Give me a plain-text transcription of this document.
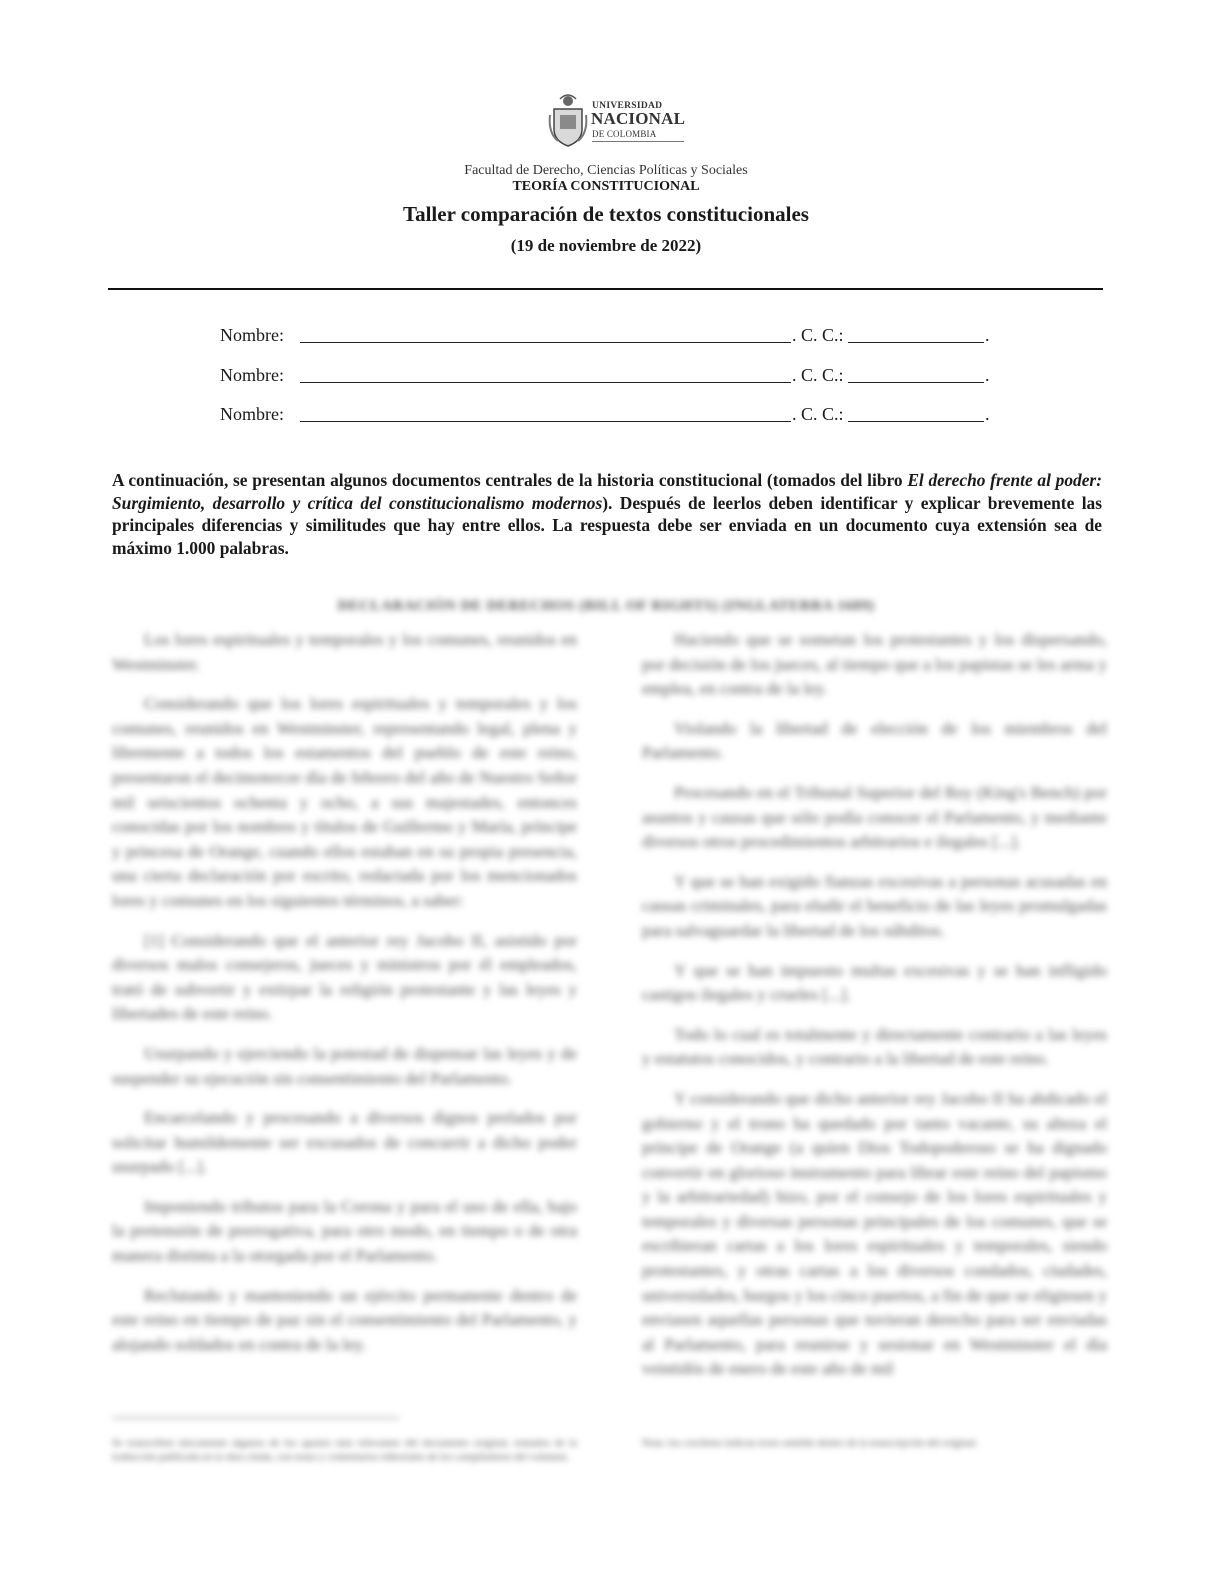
UNIVERSIDAD
NACIONAL
DE COLOMBIA
Facultad de Derecho, Ciencias Políticas y Sociales
TEORÍA CONSTITUCIONAL
Taller comparación de textos constitucionales
(19 de noviembre de 2022)
Nombre:	. C. C.:	.
Nombre:	. C. C.:	.
Nombre:	. C. C.:	.
A continuación, se presentan algunos documentos centrales de la historia constitucional (tomados del libro El derecho frente al poder: Surgimiento, desarrollo y crítica del constitucionalismo modernos). Después de leerlos deben identificar y explicar brevemente las principales diferencias y similitudes que hay entre ellos. La respuesta debe ser enviada en un documento cuya extensión sea de máximo 1.000 palabras.
DECLARACIÓN DE DERECHOS (BILL OF RIGHTS) (INGLATERRA 1689)

Los lores espirituales y temporales y los comunes, reunidos en Westminster.

Considerando que los lores espirituales y temporales y los comunes, reunidos en Westminster, representando legal, plena y libremente a todos los estamentos del pueblo de este reino, presentaron el decimotercer día de febrero del año de Nuestro Señor mil seiscientos ochenta y ocho, a sus majestades, entonces conocidas por los nombres y títulos de Guillermo y María, príncipe y princesa de Orange, cuando ellos estaban en su propia presencia, una cierta declaración por escrito, redactada por los mencionados lores y comunes en los siguientes términos, a saber:

[1] Considerando que el anterior rey Jacobo II, asistido por diversos malos consejeros, jueces y ministros por él empleados, trató de subvertir y extirpar la religión protestante y las leyes y libertades de este reino.

Usurpando y ejerciendo la potestad de dispensar las leyes y de suspender su ejecución sin consentimiento del Parlamento.

Encarcelando y procesando a diversos dignos prelados por solicitar humildemente ser excusados de concurrir a dicho poder usurpado [...].

Imponiendo tributos para la Corona y para el uso de ella, bajo la pretensión de prerrogativa, para otro modo, en tiempo o de otra manera distinta a la otorgada por el Parlamento.

Reclutando y manteniendo un ejército permanente dentro de este reino en tiempo de paz sin el consentimiento del Parlamento, y alojando soldados en contra de la ley.

Haciendo que se sometan los protestantes y los dispersando, por decisión de los jueces, al tiempo que a los papistas se les arma y emplea, en contra de la ley.

Violando la libertad de elección de los miembros del Parlamento.

Procesando en el Tribunal Superior del Rey (King's Bench) por asuntos y causas que sólo podía conocer el Parlamento, y mediante diversos otros procedimientos arbitrarios e ilegales [...].

Y que se han exigido fianzas excesivas a personas acusadas en causas criminales, para eludir el beneficio de las leyes promulgadas para salvaguardar la libertad de los súbditos.

Y que se han impuesto multas excesivas y se han infligido castigos ilegales y crueles [...].

Todo lo cual es totalmente y directamente contrario a las leyes y estatutos conocidos, y contrario a la libertad de este reino.

Y considerando que dicho anterior rey Jacobo II ha abdicado el gobierno y el trono ha quedado por tanto vacante, su alteza el príncipe de Orange (a quien Dios Todopoderoso se ha dignado convertir en glorioso instrumento para librar este reino del papismo y la arbitrariedad) hizo, por el consejo de los lores espirituales y temporales y diversas personas principales de los comunes, que se escribieran cartas a los lores espirituales y temporales, siendo protestantes, y otras cartas a los diversos condados, ciudades, universidades, burgos y los cinco puertos, a fin de que se eligiesen y enviasen aquellas personas que tuvieran derecho para ser enviadas al Parlamento, para reunirse y sesionar en Westminster el día veintidós de enero de este año de mil

Se transcriben únicamente algunos de los apartes más relevantes del documento original, tomados de la traducción publicada en la obra citada, con notas y comentarios editoriales de los compiladores del volumen.
Nota: los corchetes indican texto omitido dentro de la transcripción del original.
